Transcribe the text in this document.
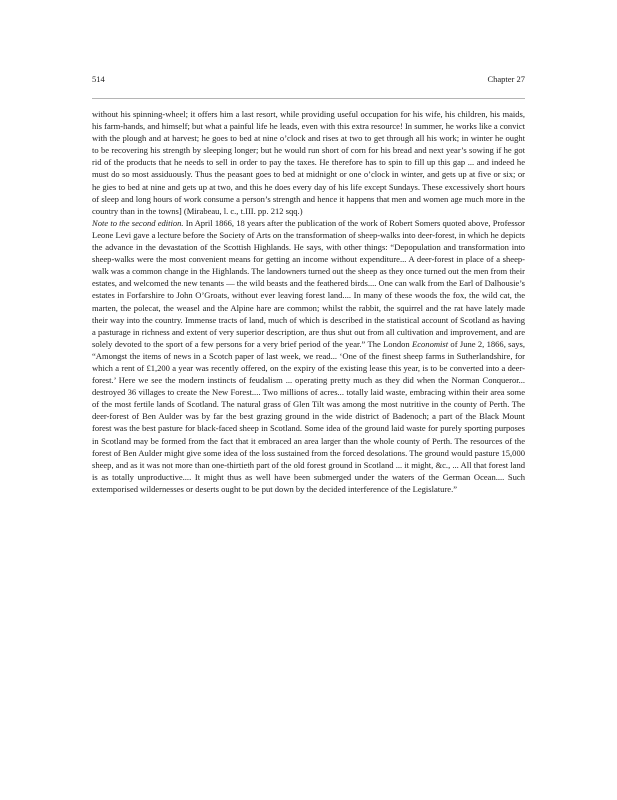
514	Chapter 27

without his spinning-wheel; it offers him a last resort, while providing useful occupation for his wife, his children, his maids, his farm-hands, and himself; but what a painful life he leads, even with this extra resource! In summer, he works like a convict with the plough and at harvest; he goes to bed at nine o’clock and rises at two to get through all his work; in winter he ought to be recovering his strength by sleeping longer; but he would run short of corn for his bread and next year’s sowing if he got rid of the products that he needs to sell in order to pay the taxes. He therefore has to spin to fill up this gap ... and indeed he must do so most assiduously. Thus the peasant goes to bed at midnight or one o’clock in winter, and gets up at five or six; or he gies to bed at nine and gets up at two, and this he does every day of his life except Sundays. These excessively short hours of sleep and long hours of work consume a person’s strength and hence it happens that men and women age much more in the country than in the towns] (Mirabeau, l. c., t.III. pp. 212 sqq.)

Note to the second edition. In April 1866, 18 years after the publication of the work of Robert Somers quoted above, Professor Leone Levi gave a lecture before the Society of Arts on the transformation of sheep-walks into deer-forest, in which he depicts the advance in the devastation of the Scottish Highlands. He says, with other things: “Depopulation and transformation into sheep-walks were the most convenient means for getting an income without expenditure... A deer-forest in place of a sheep-walk was a common change in the Highlands. The landowners turned out the sheep as they once turned out the men from their estates, and welcomed the new tenants — the wild beasts and the feathered birds.... One can walk from the Earl of Dalhousie’s estates in Forfarshire to John O’Groats, without ever leaving forest land.... In many of these woods the fox, the wild cat, the marten, the polecat, the weasel and the Alpine hare are common; whilst the rabbit, the squirrel and the rat have lately made their way into the country. Immense tracts of land, much of which is described in the statistical account of Scotland as having a pasturage in richness and extent of very superior description, are thus shut out from all cultivation and improvement, and are solely devoted to the sport of a few persons for a very brief period of the year.” The London Economist of June 2, 1866, says, “Amongst the items of news in a Scotch paper of last week, we read... ‘One of the finest sheep farms in Sutherlandshire, for which a rent of £1,200 a year was recently offered, on the expiry of the existing lease this year, is to be converted into a deer-forest.’ Here we see the modern instincts of feudalism ... operating pretty much as they did when the Norman Conqueror... destroyed 36 villages to create the New Forest.... Two millions of acres... totally laid waste, embracing within their area some of the most fertile lands of Scotland. The natural grass of Glen Tilt was among the most nutritive in the county of Perth. The deer-forest of Ben Aulder was by far the best grazing ground in the wide district of Badenoch; a part of the Black Mount forest was the best pasture for black-faced sheep in Scotland. Some idea of the ground laid waste for purely sporting purposes in Scotland may be formed from the fact that it embraced an area larger than the whole county of Perth. The resources of the forest of Ben Aulder might give some idea of the loss sustained from the forced desolations. The ground would pasture 15,000 sheep, and as it was not more than one-thirtieth part of the old forest ground in Scotland ... it might, &c., ... All that forest land is as totally unproductive.... It might thus as well have been submerged under the waters of the German Ocean.... Such extemporised wildernesses or deserts ought to be put down by the decided interference of the Legislature.”
